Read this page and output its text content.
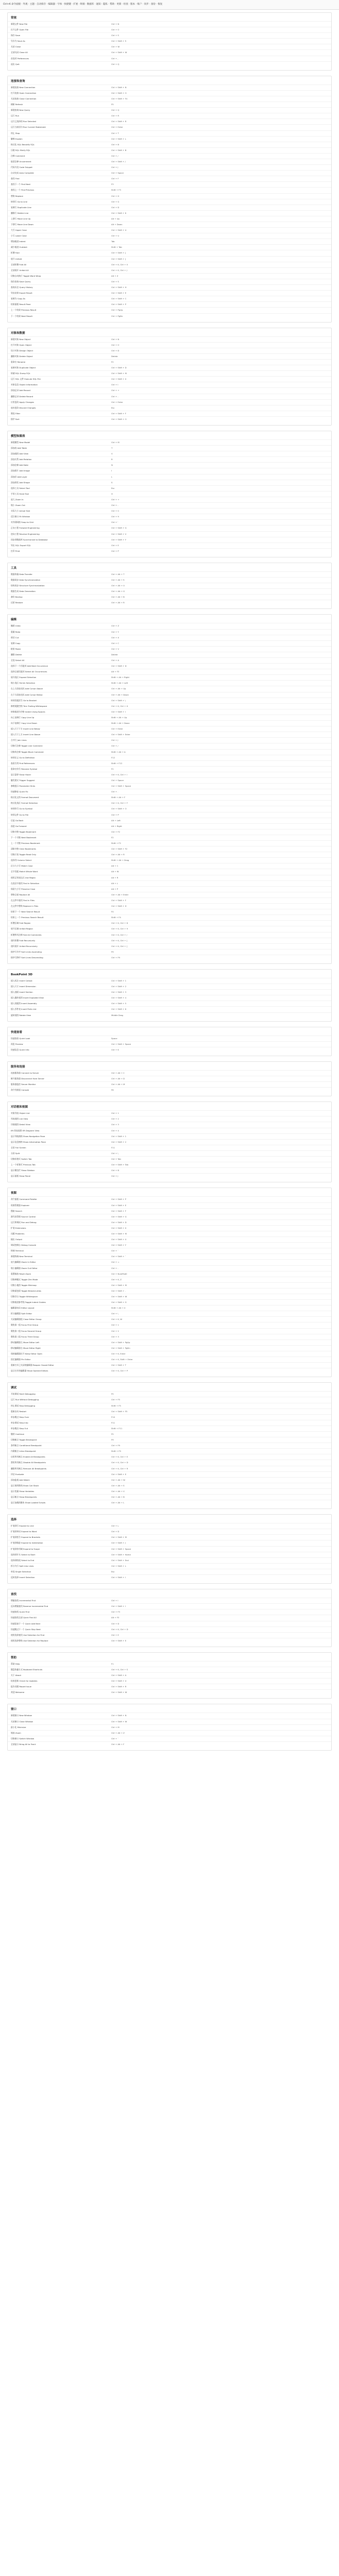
Ctrl+K 命令面板 · 外观 · 主题 · 自动保存 · 编辑器 · 字体 · 快捷键 · 扩展 · 终端 · 数据库 · 通知 · 隐私 · 帮助 · 更新 · 检查 · 版本 · 账户 · 同步 · 备份 · 恢复
常规
新建文件 New File	Ctrl + N
打开文件 Open File	Ctrl + O
保存 Save	Ctrl + S
另存为 Save As	Ctrl + Shift + S
关闭 Close	Ctrl + W
全部关闭 Close All	Ctrl + Shift + W
首选项 Preferences	Ctrl + ,
退出 Quit	Ctrl + Q
连接和查询
新建连接 New Connection	Ctrl + Shift + N
打开连接 Open Connection	Ctrl + Shift + O
关闭连接 Close Connection	Ctrl + Shift + F4
刷新 Refresh	F5
新建查询 New Query	Ctrl + Q
运行 Run	Ctrl + R
运行已选择的 Run Selected	Ctrl + Shift + R
运行当前语句 Run Current Statement	Ctrl + Enter
停止 Stop	Ctrl + T
解释 Explain	Ctrl + Shift + L
格式化 SQL Beautify SQL	Ctrl + B
压缩 SQL Minify SQL	Ctrl + Shift + B
注释 Comment	Ctrl + /
取消注释 Uncomment	Ctrl + Shift + /
代码片段 Code Snippet	Ctrl + J
自动完成 Auto Complete	Ctrl + Space
查找 Find	Ctrl + F
查找下一个 Find Next	F3
查找上一个 Find Previous	Shift + F3
替换 Replace	Ctrl + H
转到行 Go to Line	Ctrl + G
复制行 Duplicate Line	Ctrl + D
删除行 Delete Line	Ctrl + Shift + K
上移行 Move Line Up	Alt + Up
下移行 Move Line Down	Alt + Down
大写 Upper Case	Ctrl + Shift + U
小写 Lower Case	Ctrl + U
增加缩进 Indent	Tab
减少缩进 Outdent	Shift + Tab
折叠 Fold	Ctrl + Shift + [
展开 Unfold	Ctrl + Shift + ]
全部折叠 Fold All	Ctrl + K, Ctrl + 0
全部展开 Unfold All	Ctrl + K, Ctrl + J
切换自动换行 Toggle Word Wrap	Alt + Z
保存查询 Save Query	Ctrl + S
查询历史 Query History	Ctrl + Shift + H
导出结果 Export Result	Ctrl + Shift + E
复制为 Copy As	Ctrl + Shift + C
结果面板 Result Pane	Ctrl + Shift + P
上一个结果 Previous Result	Ctrl + PgUp
下一个结果 Next Result	Ctrl + PgDn
对象和数据
新建对象 New Object	Ctrl + N
打开对象 Open Object	Ctrl + O
设计对象 Design Object	Ctrl + D
删除对象 Delete Object	Delete
重命名 Rename	F2
复制对象 Duplicate Object	Ctrl + Shift + D
转储 SQL Dump SQL	Ctrl + Shift + M
运行 SQL 文件 Execute SQL File	Ctrl + Shift + X
对象信息 Object Information	Ctrl + I
添加记录 Add Record	Ctrl + +
删除记录 Delete Record	Ctrl + -
应用更改 Apply Changes	Ctrl + Enter
放弃更改 Discard Changes	Esc
筛选 Filter	Ctrl + Shift + F
排序 Sort	Ctrl + Shift + O
模型和图表
新建模型 New Model	Ctrl + M
添加表 Add Table	T
添加视图 Add View	V
添加关系 Add Relation	R
添加注释 Add Note	N
添加图片 Add Image	I
添加层 Add Layer	L
添加形状 Add Shape	S
选择工具 Select Tool	Esc
手形工具 Hand Tool	H
放大 Zoom In	Ctrl + +
缩小 Zoom Out	Ctrl + -
实际大小 Actual Size	Ctrl + 0
适合窗口 Fit Window	Ctrl + 9
对齐到网格 Snap to Grid	Ctrl + '
正向工程 Forward Engineering	Ctrl + Shift + G
逆向工程 Reverse Engineering	Ctrl + Shift + V
同步到数据库 Synchronize to Database	Ctrl + Shift + Y
导出 SQL Export SQL	Ctrl + E
打印 Print	Ctrl + P
工具
数据传输 Data Transfer	Ctrl + Alt + T
数据同步 Data Synchronization	Ctrl + Alt + S
结构同步 Structure Synchronization	Ctrl + Alt + U
数据生成 Data Generation	Ctrl + Alt + G
备份 Backup	Ctrl + Alt + B
还原 Restore	Ctrl + Alt + R
编辑
撤销 Undo	Ctrl + Z
重做 Redo	Ctrl + Y
剪切 Cut	Ctrl + X
复制 Copy	Ctrl + C
粘贴 Paste	Ctrl + V
删除 Delete	Delete
全选 Select All	Ctrl + A
选择下一个匹配项 Add Next Occurrence	Ctrl + Shift + D
选择全部匹配项 Select All Occurrences	Alt + F3
展开选区 Expand Selection	Shift + Alt + Right
缩小选区 Shrink Selection	Shift + Alt + Left
在上方添加光标 Add Cursor Above	Ctrl + Alt + Up
在下方添加光标 Add Cursor Below	Ctrl + Alt + Down
转到匹配括号 Go to Bracket	Ctrl + Shift + \
修剪尾随空格 Trim Trailing Whitespace	Ctrl + K, Ctrl + X
转换缩进为空格 Indent Using Spaces	Ctrl + Shift + I
向上复制行 Copy Line Up	Shift + Alt + Up
向下复制行 Copy Line Down	Shift + Alt + Down
插入行于下方 Insert Line Below	Ctrl + Enter
插入行于上方 Insert Line Above	Ctrl + Shift + Enter
合并行 Join Lines	Ctrl + J
切换行注释 Toggle Line Comment	Ctrl + /
切换块注释 Toggle Block Comment	Shift + Alt + A
转到定义 Go to Definition	F12
查看引用 Find References	Shift + F12
重命名符号 Rename Symbol	F2
显示悬停 Show Hover	Ctrl + K, Ctrl + I
触发建议 Trigger Suggest	Ctrl + Space
参数提示 Parameter Hints	Ctrl + Shift + Space
快速修复 Quick Fix	Ctrl + .
格式化文档 Format Document	Shift + Alt + F
格式化选区 Format Selection	Ctrl + K, Ctrl + F
转到符号 Go to Symbol	Ctrl + Shift + O
转到文件 Go to File	Ctrl + P
后退 Go Back	Alt + Left
前进 Go Forward	Alt + Right
切换书签 Toggle Bookmark	Ctrl + F2
下一个书签 Next Bookmark	F2
上一个书签 Previous Bookmark	Shift + F2
清除书签 Clear Bookmarks	Ctrl + Shift + F2
切换只读 Toggle Read Only	Ctrl + Alt + R
选择列 Column Select	Shift + Alt + Drag
区分大小写 Match Case	Alt + C
全字匹配 Match Whole Word	Alt + W
使用正则表达式 Use Regex	Alt + R
在选区中查找 Find in Selection	Alt + L
保留大小写 Preserve Case	Alt + P
替换全部 Replace All	Ctrl + Alt + Enter
在文件中查找 Find in Files	Ctrl + Shift + F
在文件中替换 Replace in Files	Ctrl + Shift + H
结果下一个 Next Search Result	F4
结果上一个 Previous Search Result	Shift + F4
折叠区域 Fold Region	Ctrl + K, Ctrl + 8
展开区域 Unfold Region	Ctrl + K, Ctrl + 9
折叠所有注释 Fold All Comments	Ctrl + K, Ctrl + /
递归折叠 Fold Recursively	Ctrl + K, Ctrl + [
递归展开 Unfold Recursively	Ctrl + K, Ctrl + ]
排序行升序 Sort Lines Ascending	F9
排序行降序 Sort Lines Descending	Ctrl + F9
BookPoint 3D
插入标注 Insert Callout	Ctrl + Shift + 1
插入尺寸 Insert Dimension	Ctrl + Shift + 2
插入剖面 Insert Section	Ctrl + Shift + 3
插入爆炸视图 Insert Exploded View	Ctrl + Shift + 4
插入装配图 Insert Assembly	Ctrl + Shift + 5
插入零件表 Insert Parts List	Ctrl + Shift + 6
旋转视图 Rotate View	Middle Drag
快速查看
快速查看 Quick Look	Space
预览 Preview	Ctrl + Shift + Space
快速信息 Quick Info	Ctrl + K
服务和连接
连接服务器 Connect to Server	Ctrl + Alt + C
断开服务器 Disconnect from Server	Ctrl + Alt + D
服务器监控 Server Monitor	Ctrl + Alt + M
命令列界面 Console	F6
对话框和视图
对象列表 Object List	Ctrl + 1
列表视图 List View	Ctrl + 2
详细视图 Detail View	Ctrl + 3
ER 图表视图 ER Diagram View	Ctrl + 4
显示导航窗格 Show Navigation Pane	Ctrl + Shift + 1
显示信息窗格 Show Information Pane	Ctrl + Shift + 2
全屏 Full Screen	F11
分屏 Split	Ctrl + \
切换标签页 Switch Tab	Ctrl + Tab
上一个标签页 Previous Tab	Ctrl + Shift + Tab
显示侧边栏 Show Sidebar	Ctrl + B
显示面板 Show Panel	Ctrl + J
视图
命令面板 Command Palette	Ctrl + Shift + P
资源管理器 Explorer	Ctrl + Shift + E
搜索 Search	Ctrl + Shift + F
源代码管理 Source Control	Ctrl + Shift + G
运行和调试 Run and Debug	Ctrl + Shift + D
扩展 Extensions	Ctrl + Shift + X
问题 Problems	Ctrl + Shift + M
输出 Output	Ctrl + Shift + U
调试控制台 Debug Console	Ctrl + Shift + Y
终端 Terminal	Ctrl + `
新建终端 New Terminal	Ctrl + Shift + `
放大编辑器 Zoom In Editor	Ctrl + =
缩小编辑器 Zoom Out Editor	Ctrl + -
重置缩放 Reset Zoom	Ctrl + NumPad0
切换禅模式 Toggle Zen Mode	Ctrl + K, Z
切换小地图 Toggle Minimap	Ctrl + Shift + M
切换面包屑 Toggle Breadcrumbs	Ctrl + Shift + .
切换空白 Toggle Whitespace	Ctrl + Shift + W
切换缩进参考线 Toggle Indent Guides	Ctrl + Shift + G
编辑器布局 Editor Layout	Shift + Alt + 0
拆分编辑器 Split Editor	Ctrl + \
关闭编辑器组 Close Editor Group	Ctrl + K, W
聚焦第一组 Focus First Group	Ctrl + 1
聚焦第二组 Focus Second Group	Ctrl + 2
聚焦第三组 Focus Third Group	Ctrl + 3
移动编辑器左 Move Editor Left	Ctrl + Shift + PgUp
移动编辑器右 Move Editor Right	Ctrl + Shift + PgDn
保持编辑器打开 Keep Editor Open	Ctrl + K, Enter
固定编辑器 Pin Editor	Ctrl + K, Shift + Enter
重新打开已关闭的编辑器 Reopen Closed Editor	Ctrl + Shift + T
显示打开的编辑器 Show Opened Editors	Ctrl + K, Ctrl + P
调试
开始调试 Start Debugging	F5
运行 Run Without Debugging	Ctrl + F5
停止调试 Stop Debugging	Shift + F5
重新启动 Restart	Ctrl + Shift + F5
单步跳过 Step Over	F10
单步调试 Step Into	F11
单步跳出 Step Out	Shift + F11
继续 Continue	F5
切换断点 Toggle Breakpoint	F9
条件断点 Conditional Breakpoint	Ctrl + F9
内联断点 Inline Breakpoint	Shift + F9
启用所有断点 Enable All Breakpoints	Ctrl + K, Ctrl + E
禁用所有断点 Disable All Breakpoints	Ctrl + K, Ctrl + D
删除所有断点 Remove All Breakpoints	Ctrl + K, Ctrl + R
评估 Evaluate	Ctrl + Shift + E
添加监视 Add Watch	Ctrl + Alt + W
显示调用堆栈 Show Call Stack	Ctrl + Alt + S
显示变量 Show Variables	Ctrl + Alt + V
显示断点 Show Breakpoints	Ctrl + Alt + B
显示加载的脚本 Show Loaded Scripts	Ctrl + Alt + L
选择
扩展到行 Expand to Line	Ctrl + L
扩展到单词 Expand to Word	Ctrl + D
扩展到括号 Expand to Brackets	Ctrl + Shift + M
扩展到缩进 Expand to Indentation	Ctrl + Shift + J
扩展到作用域 Expand to Scope	Ctrl + Shift + Space
选择到开头 Select to Start	Ctrl + Shift + Home
选择到结尾 Select to End	Ctrl + Shift + End
拆分为行 Split into Lines	Ctrl + Shift + L
单选 Single Selection	Esc
反转选择 Invert Selection	Ctrl + Shift + I
查找
增量查找 Incremental Find	Ctrl + I
反向增量查找 Reverse Incremental Find	Ctrl + Shift + I
快速查找 Quick Find	Ctrl + F3
快速查找全部 Quick Find All	Alt + F3
快速添加下一个 Quick Add Next	Ctrl + D
快速跳过下一个 Quick Skip Next	Ctrl + K, Ctrl + D
使用选择查找 Use Selection for Find	Ctrl + E
使用选择替换 Use Selection for Replace	Ctrl + Shift + E
帮助
帮助 Help	F1
键盘快捷方式 Keyboard Shortcuts	Ctrl + K, Ctrl + S
关于 About	Ctrl + Shift + A
检查更新 Check for Updates	Ctrl + Shift + U
报告问题 Report Issue	Ctrl + Shift + R
欢迎 Welcome	Ctrl + Shift + W
窗口
新建窗口 New Window	Ctrl + Shift + N
关闭窗口 Close Window	Ctrl + Shift + W
最小化 Minimize	Ctrl + M
缩放 Zoom	Ctrl + Alt + Z
切换窗口 Switch Window	Ctrl + `
全部显示 Bring All to Front	Ctrl + Alt + F
